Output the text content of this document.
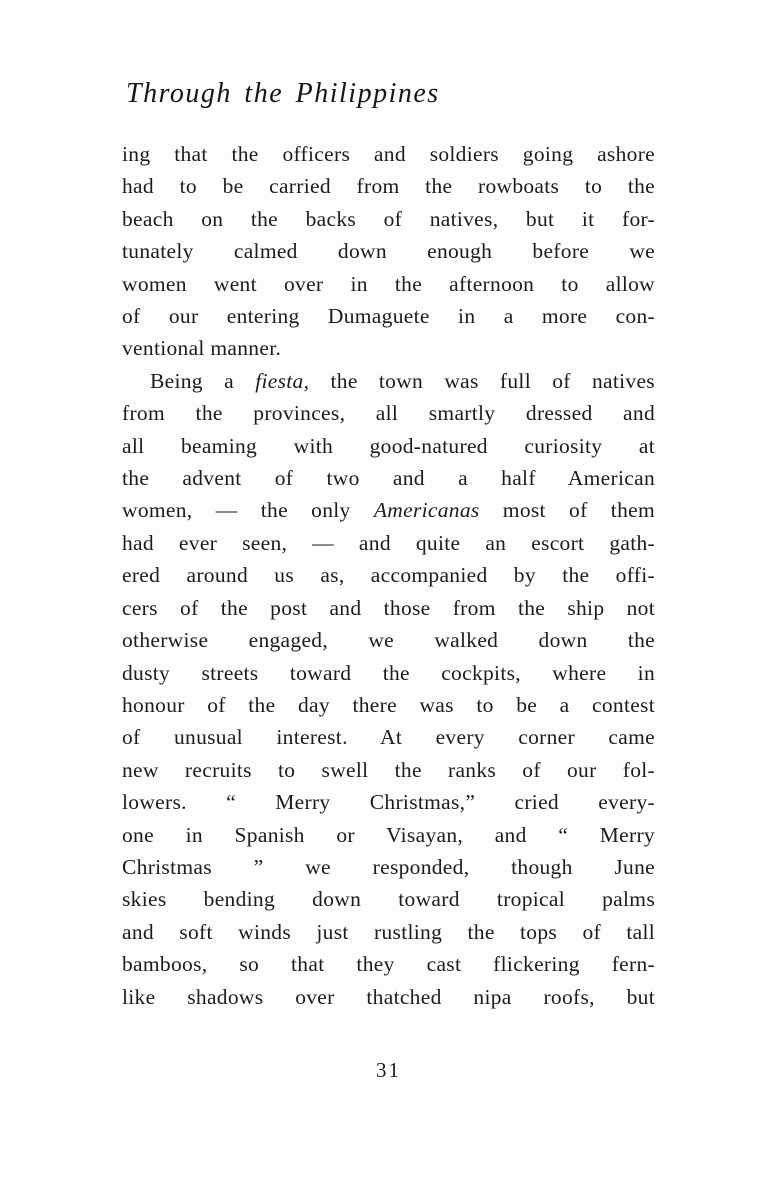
Through the Philippines
ing that the officers and soldiers going ashore
had to be carried from the rowboats to the
beach on the backs of natives, but it for-
tunately calmed down enough before we
women went over in the afternoon to allow
of our entering Dumaguete in a more con-
ventional manner.
Being a fiesta, the town was full of natives
from the provinces, all smartly dressed and
all beaming with good-natured curiosity at
the advent of two and a half American
women, — the only Americanas most of them
had ever seen, — and quite an escort gath-
ered around us as, accompanied by the offi-
cers of the post and those from the ship not
otherwise engaged, we walked down the
dusty streets toward the cockpits, where in
honour of the day there was to be a contest
of unusual interest. At every corner came
new recruits to swell the ranks of our fol-
lowers. “ Merry Christmas,” cried every-
one in Spanish or Visayan, and “ Merry
Christmas ” we responded, though June
skies bending down toward tropical palms
and soft winds just rustling the tops of tall
bamboos, so that they cast flickering fern-
like shadows over thatched nipa roofs, but
31
